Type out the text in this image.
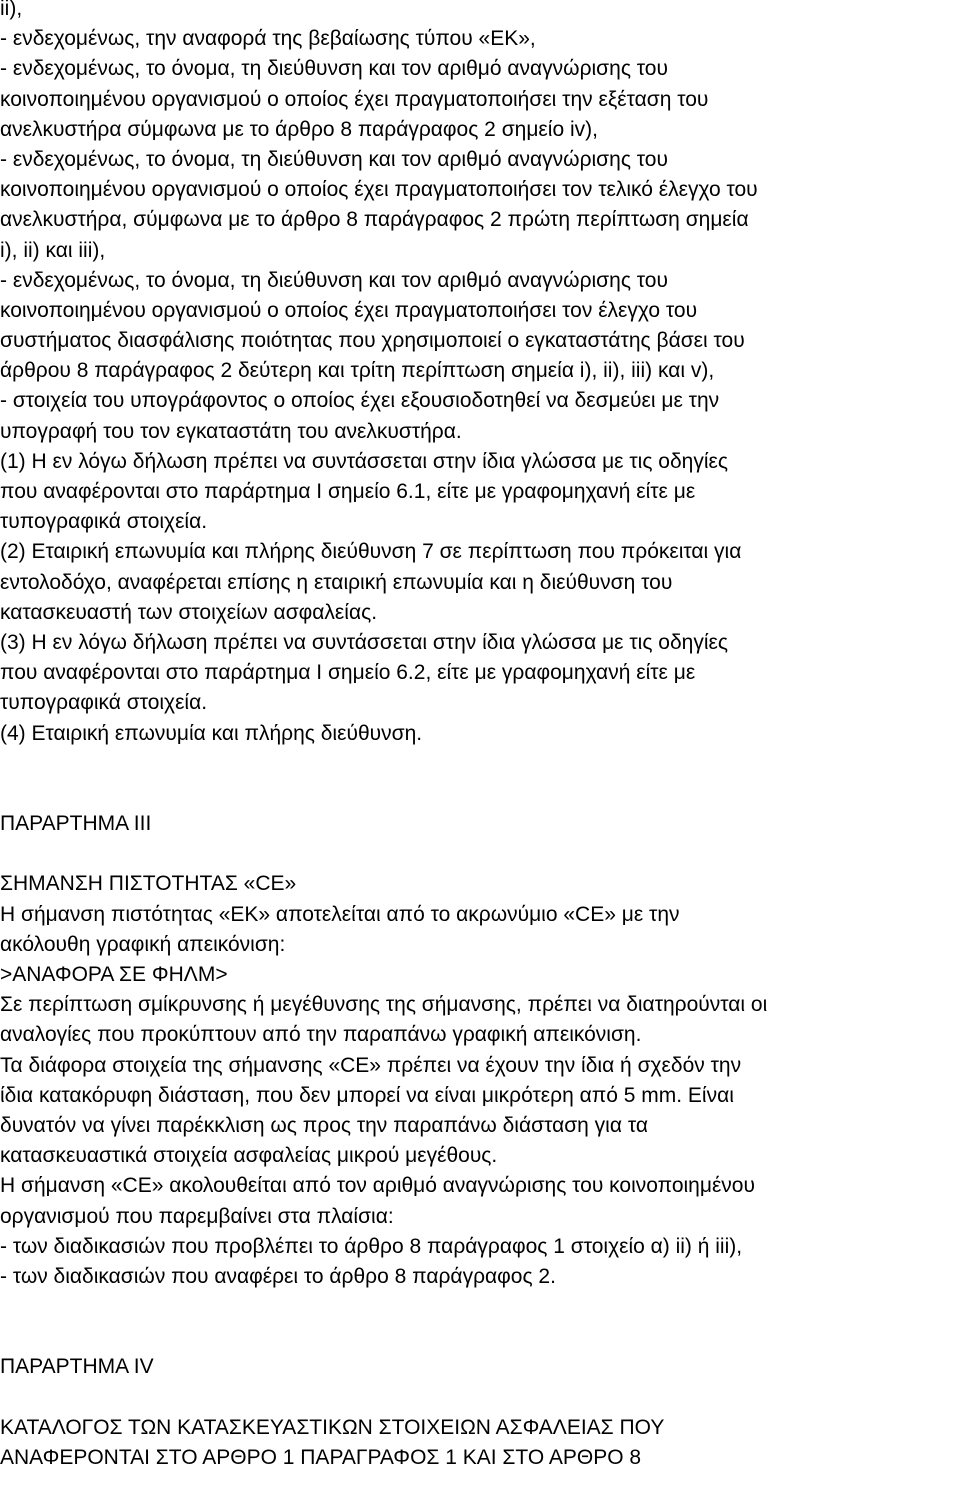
ii),
- ενδεχομένως, την αναφορά της βεβαίωσης τύπου «ΕΚ»,
- ενδεχομένως, το όνομα, τη διεύθυνση και τον αριθμό αναγνώρισης του
κοινοποιημένου οργανισμού ο οποίος έχει πραγματοποιήσει την εξέταση του
ανελκυστήρα σύμφωνα με το άρθρο 8 παράγραφος 2 σημείο iv),
- ενδεχομένως, το όνομα, τη διεύθυνση και τον αριθμό αναγνώρισης του
κοινοποιημένου οργανισμού ο οποίος έχει πραγματοποιήσει τον τελικό έλεγχο του
ανελκυστήρα, σύμφωνα με το άρθρο 8 παράγραφος 2 πρώτη περίπτωση σημεία
i), ii) και iii),
- ενδεχομένως, το όνομα, τη διεύθυνση και τον αριθμό αναγνώρισης του
κοινοποιημένου οργανισμού ο οποίος έχει πραγματοποιήσει τον έλεγχο του
συστήματος διασφάλισης ποιότητας που χρησιμοποιεί ο εγκαταστάτης βάσει του
άρθρου 8 παράγραφος 2 δεύτερη και τρίτη περίπτωση σημεία i), ii), iii) και v),
- στοιχεία του υπογράφοντος ο οποίος έχει εξουσιοδοτηθεί να δεσμεύει με την
υπογραφή του τον εγκαταστάτη του ανελκυστήρα.
(1) Η εν λόγω δήλωση πρέπει να συντάσσεται στην ίδια γλώσσα με τις οδηγίες
που αναφέρονται στο παράρτημα Ι σημείο 6.1, είτε με γραφομηχανή είτε με
τυπογραφικά στοιχεία.
(2) Εταιρική επωνυμία και πλήρης διεύθυνση 7 σε περίπτωση που πρόκειται για
εντολοδόχο, αναφέρεται επίσης η εταιρική επωνυμία και η διεύθυνση του
κατασκευαστή των στοιχείων ασφαλείας.
(3) Η εν λόγω δήλωση πρέπει να συντάσσεται στην ίδια γλώσσα με τις οδηγίες
που αναφέρονται στο παράρτημα Ι σημείο 6.2, είτε με γραφομηχανή είτε με
τυπογραφικά στοιχεία.
(4) Εταιρική επωνυμία και πλήρης διεύθυνση.
ΠΑΡΑΡΤΗΜΑ ΙΙΙ
ΣΗΜΑΝΣΗ ΠΙΣΤΟΤΗΤΑΣ «CE»
Η σήμανση πιστότητας «ΕΚ» αποτελείται από το ακρωνύμιο «CE» με την
ακόλουθη γραφική απεικόνιση:
>ΑΝΑΦΟΡΑ ΣΕ ΦΗΛΜ>
Σε περίπτωση σμίκρυνσης ή μεγέθυνσης της σήμανσης, πρέπει να διατηρούνται οι
αναλογίες που προκύπτουν από την παραπάνω γραφική απεικόνιση.
Τα διάφορα στοιχεία της σήμανσης «CE» πρέπει να έχουν την ίδια ή σχεδόν την
ίδια κατακόρυφη διάσταση, που δεν μπορεί να είναι μικρότερη από 5 mm. Είναι
δυνατόν να γίνει παρέκκλιση ως προς την παραπάνω διάσταση για τα
κατασκευαστικά στοιχεία ασφαλείας μικρού μεγέθους.
Η σήμανση «CE» ακολουθείται από τον αριθμό αναγνώρισης του κοινοποιημένου
οργανισμού που παρεμβαίνει στα πλαίσια:
- των διαδικασιών που προβλέπει το άρθρο 8 παράγραφος 1 στοιχείο α) ii) ή iii),
- των διαδικασιών που αναφέρει το άρθρο 8 παράγραφος 2.
ΠΑΡΑΡΤΗΜΑ IV
ΚΑΤΑΛΟΓΟΣ ΤΩΝ ΚΑΤΑΣΚΕΥΑΣΤΙΚΩΝ ΣΤΟΙΧΕΙΩΝ ΑΣΦΑΛΕΙΑΣ ΠΟΥ
ΑΝΑΦΕΡΟΝΤΑΙ ΣΤΟ ΑΡΘΡΟ 1 ΠΑΡΑΓΡΑΦΟΣ 1 ΚΑΙ ΣΤΟ ΑΡΘΡΟ 8
